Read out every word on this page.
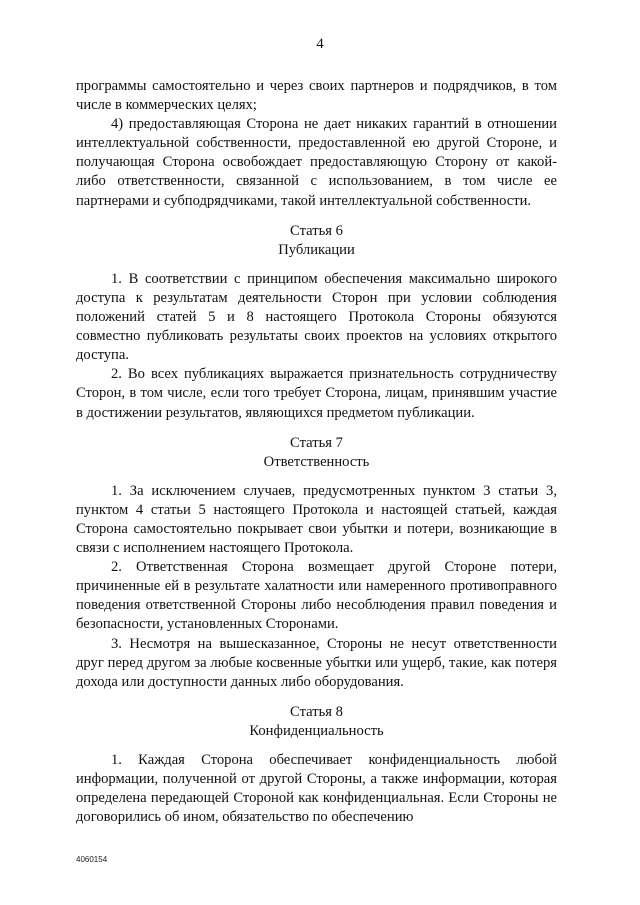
4

программы самостоятельно и через своих партнеров и подрядчиков, в том числе в коммерческих целях;

4) предоставляющая Сторона не дает никаких гарантий в отношении интеллектуальной собственности, предоставленной ею другой Стороне, и получающая Сторона освобождает предоставляющую Сторону от какой-либо ответственности, связанной с использованием, в том числе ее партнерами и субподрядчиками, такой интеллектуальной собственности.

Статья 6

Публикации

1. В соответствии с принципом обеспечения максимально широкого доступа к результатам деятельности Сторон при условии соблюдения положений статей 5 и 8 настоящего Протокола Стороны обязуются совместно публиковать результаты своих проектов на условиях открытого доступа.

2. Во всех публикациях выражается признательность сотрудничеству Сторон, в том числе, если того требует Сторона, лицам, принявшим участие в достижении результатов, являющихся предметом публикации.

Статья 7

Ответственность

1. За исключением случаев, предусмотренных пунктом 3 статьи 3, пунктом 4 статьи 5 настоящего Протокола и настоящей статьей, каждая Сторона самостоятельно покрывает свои убытки и потери, возникающие в связи с исполнением настоящего Протокола.

2. Ответственная Сторона возмещает другой Стороне потери, причиненные ей в результате халатности или намеренного противоправного поведения ответственной Стороны либо несоблюдения правил поведения и безопасности, установленных Сторонами.

3. Несмотря на вышесказанное, Стороны не несут ответственности друг перед другом за любые косвенные убытки или ущерб, такие, как потеря дохода или доступности данных либо оборудования.

Статья 8

Конфиденциальность

1. Каждая Сторона обеспечивает конфиденциальность любой информации, полученной от другой Стороны, а также информации, которая определена передающей Стороной как конфиденциальная. Если Стороны не договорились об ином, обязательство по обеспечению

4060154
